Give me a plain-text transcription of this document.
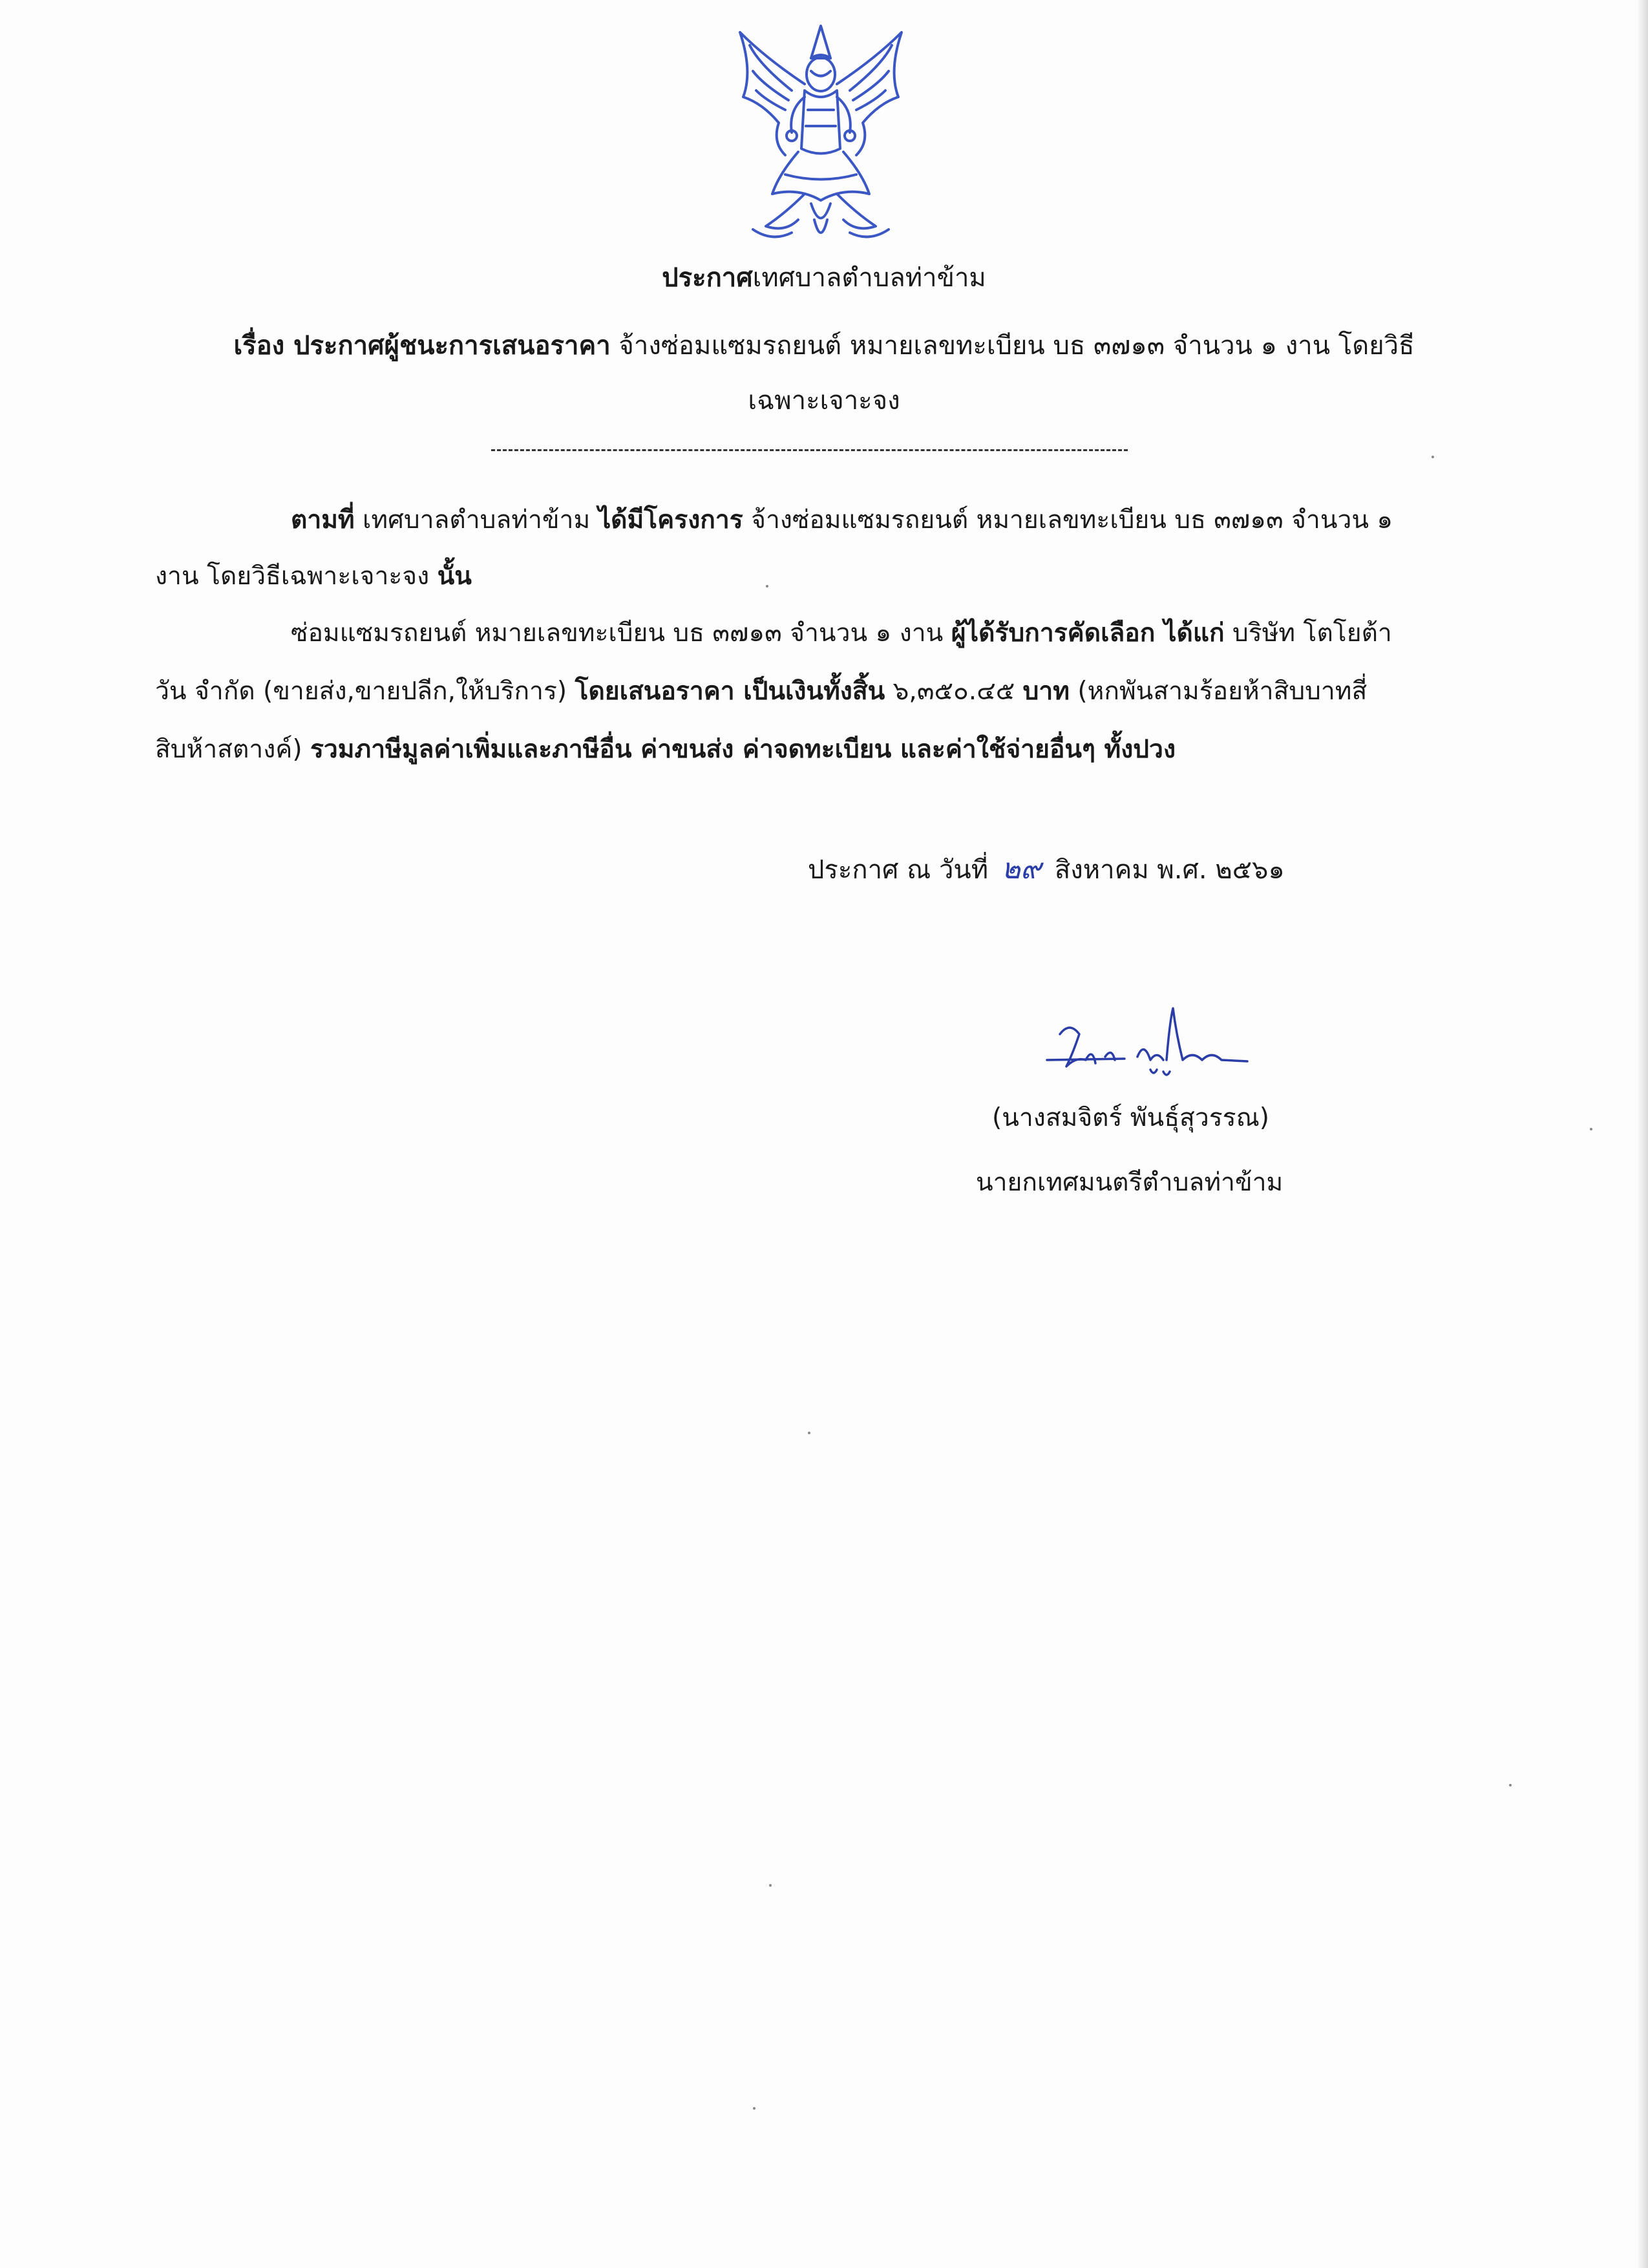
ประกาศเทศบาลตำบลท่าข้าม
เรื่อง ประกาศผู้ชนะการเสนอราคา จ้างซ่อมแซมรถยนต์ หมายเลขทะเบียน บธ ๓๗๑๓ จำนวน ๑ งาน โดยวิธี
เฉพาะเจาะจง
ตามที่ เทศบาลตำบลท่าข้าม ได้มีโครงการ จ้างซ่อมแซมรถยนต์ หมายเลขทะเบียน บธ ๓๗๑๓ จำนวน ๑
งาน โดยวิธีเฉพาะเจาะจง นั้น
ซ่อมแซมรถยนต์ หมายเลขทะเบียน บธ ๓๗๑๓ จำนวน ๑ งาน ผู้ได้รับการคัดเลือก ได้แก่ บริษัท โตโยต้า
วัน จำกัด (ขายส่ง,ขายปลีก,ให้บริการ) โดยเสนอราคา เป็นเงินทั้งสิ้น ๖,๓๕๐.๔๕ บาท (หกพันสามร้อยห้าสิบบาทสี่
สิบห้าสตางค์) รวมภาษีมูลค่าเพิ่มและภาษีอื่น ค่าขนส่ง ค่าจดทะเบียน และค่าใช้จ่ายอื่นๆ ทั้งปวง
ประกาศ ณ วันที่ ๒๙ สิงหาคม พ.ศ. ๒๕๖๑
(นางสมจิตร์ พันธุ์สุวรรณ)
นายกเทศมนตรีตำบลท่าข้าม
